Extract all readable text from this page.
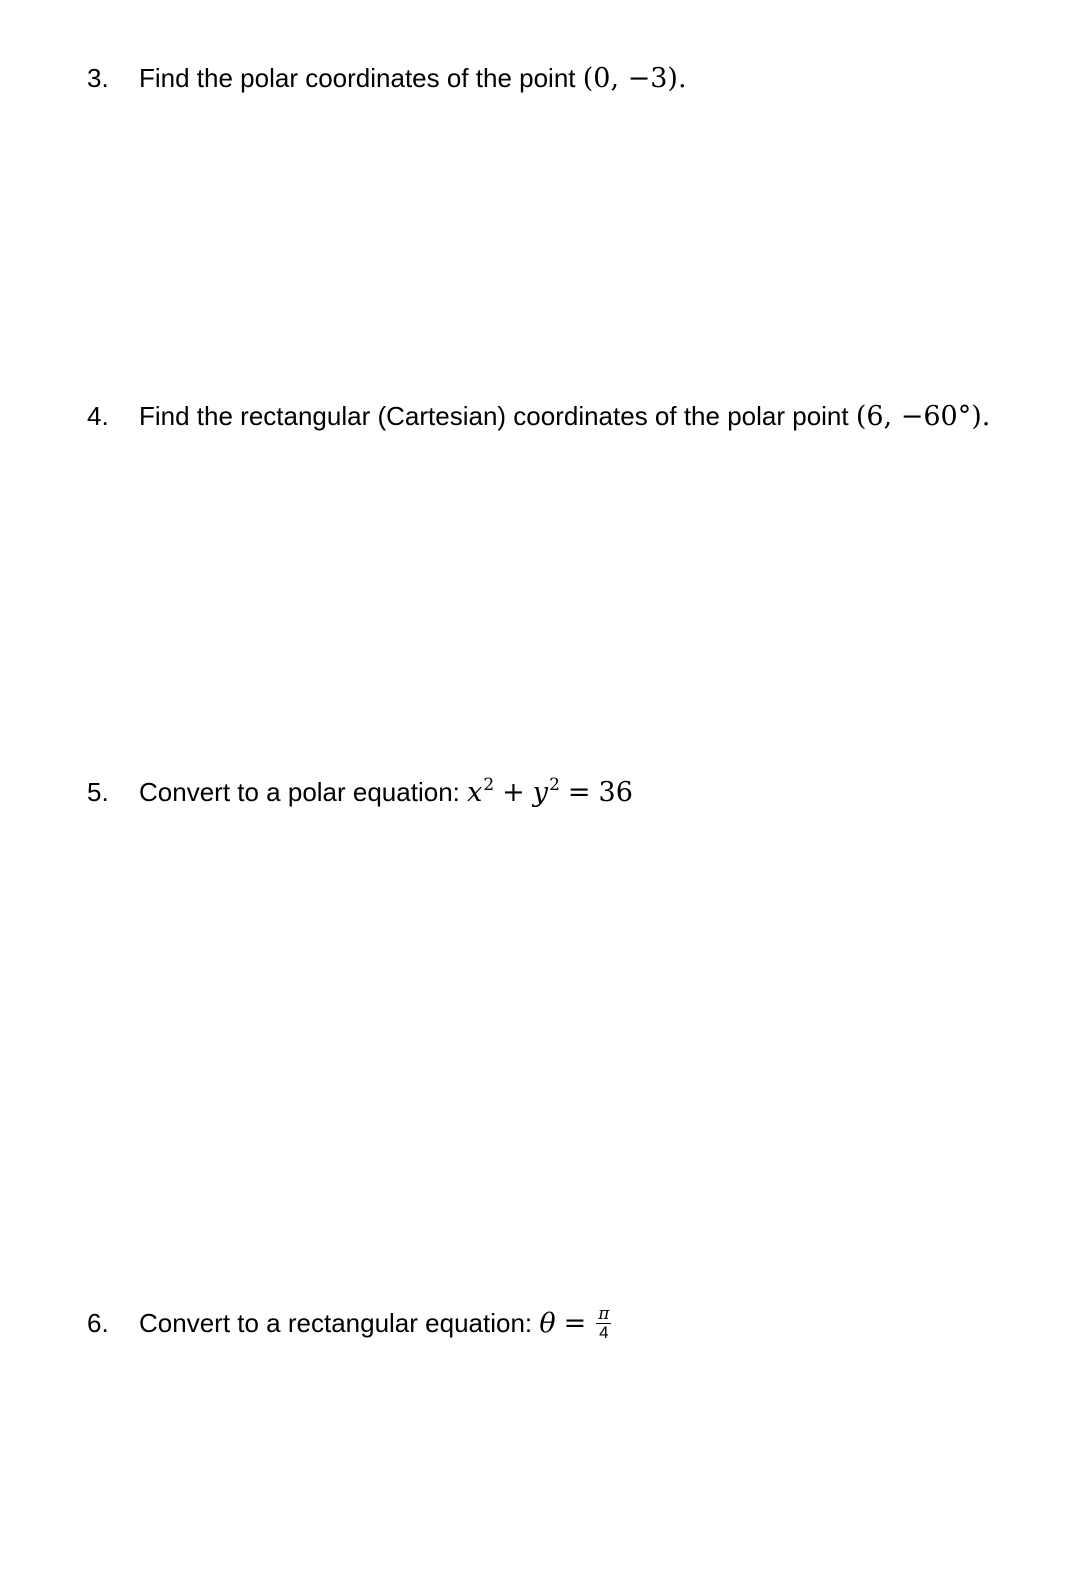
3. Find the polar coordinates of the point (0, −3).
4. Find the rectangular (Cartesian) coordinates of the polar point (6, −60°).
5. Convert to a polar equation: $x^2 + y^2 = 36$
6. Convert to a rectangular equation: $\theta = \frac{\pi}{4}$
